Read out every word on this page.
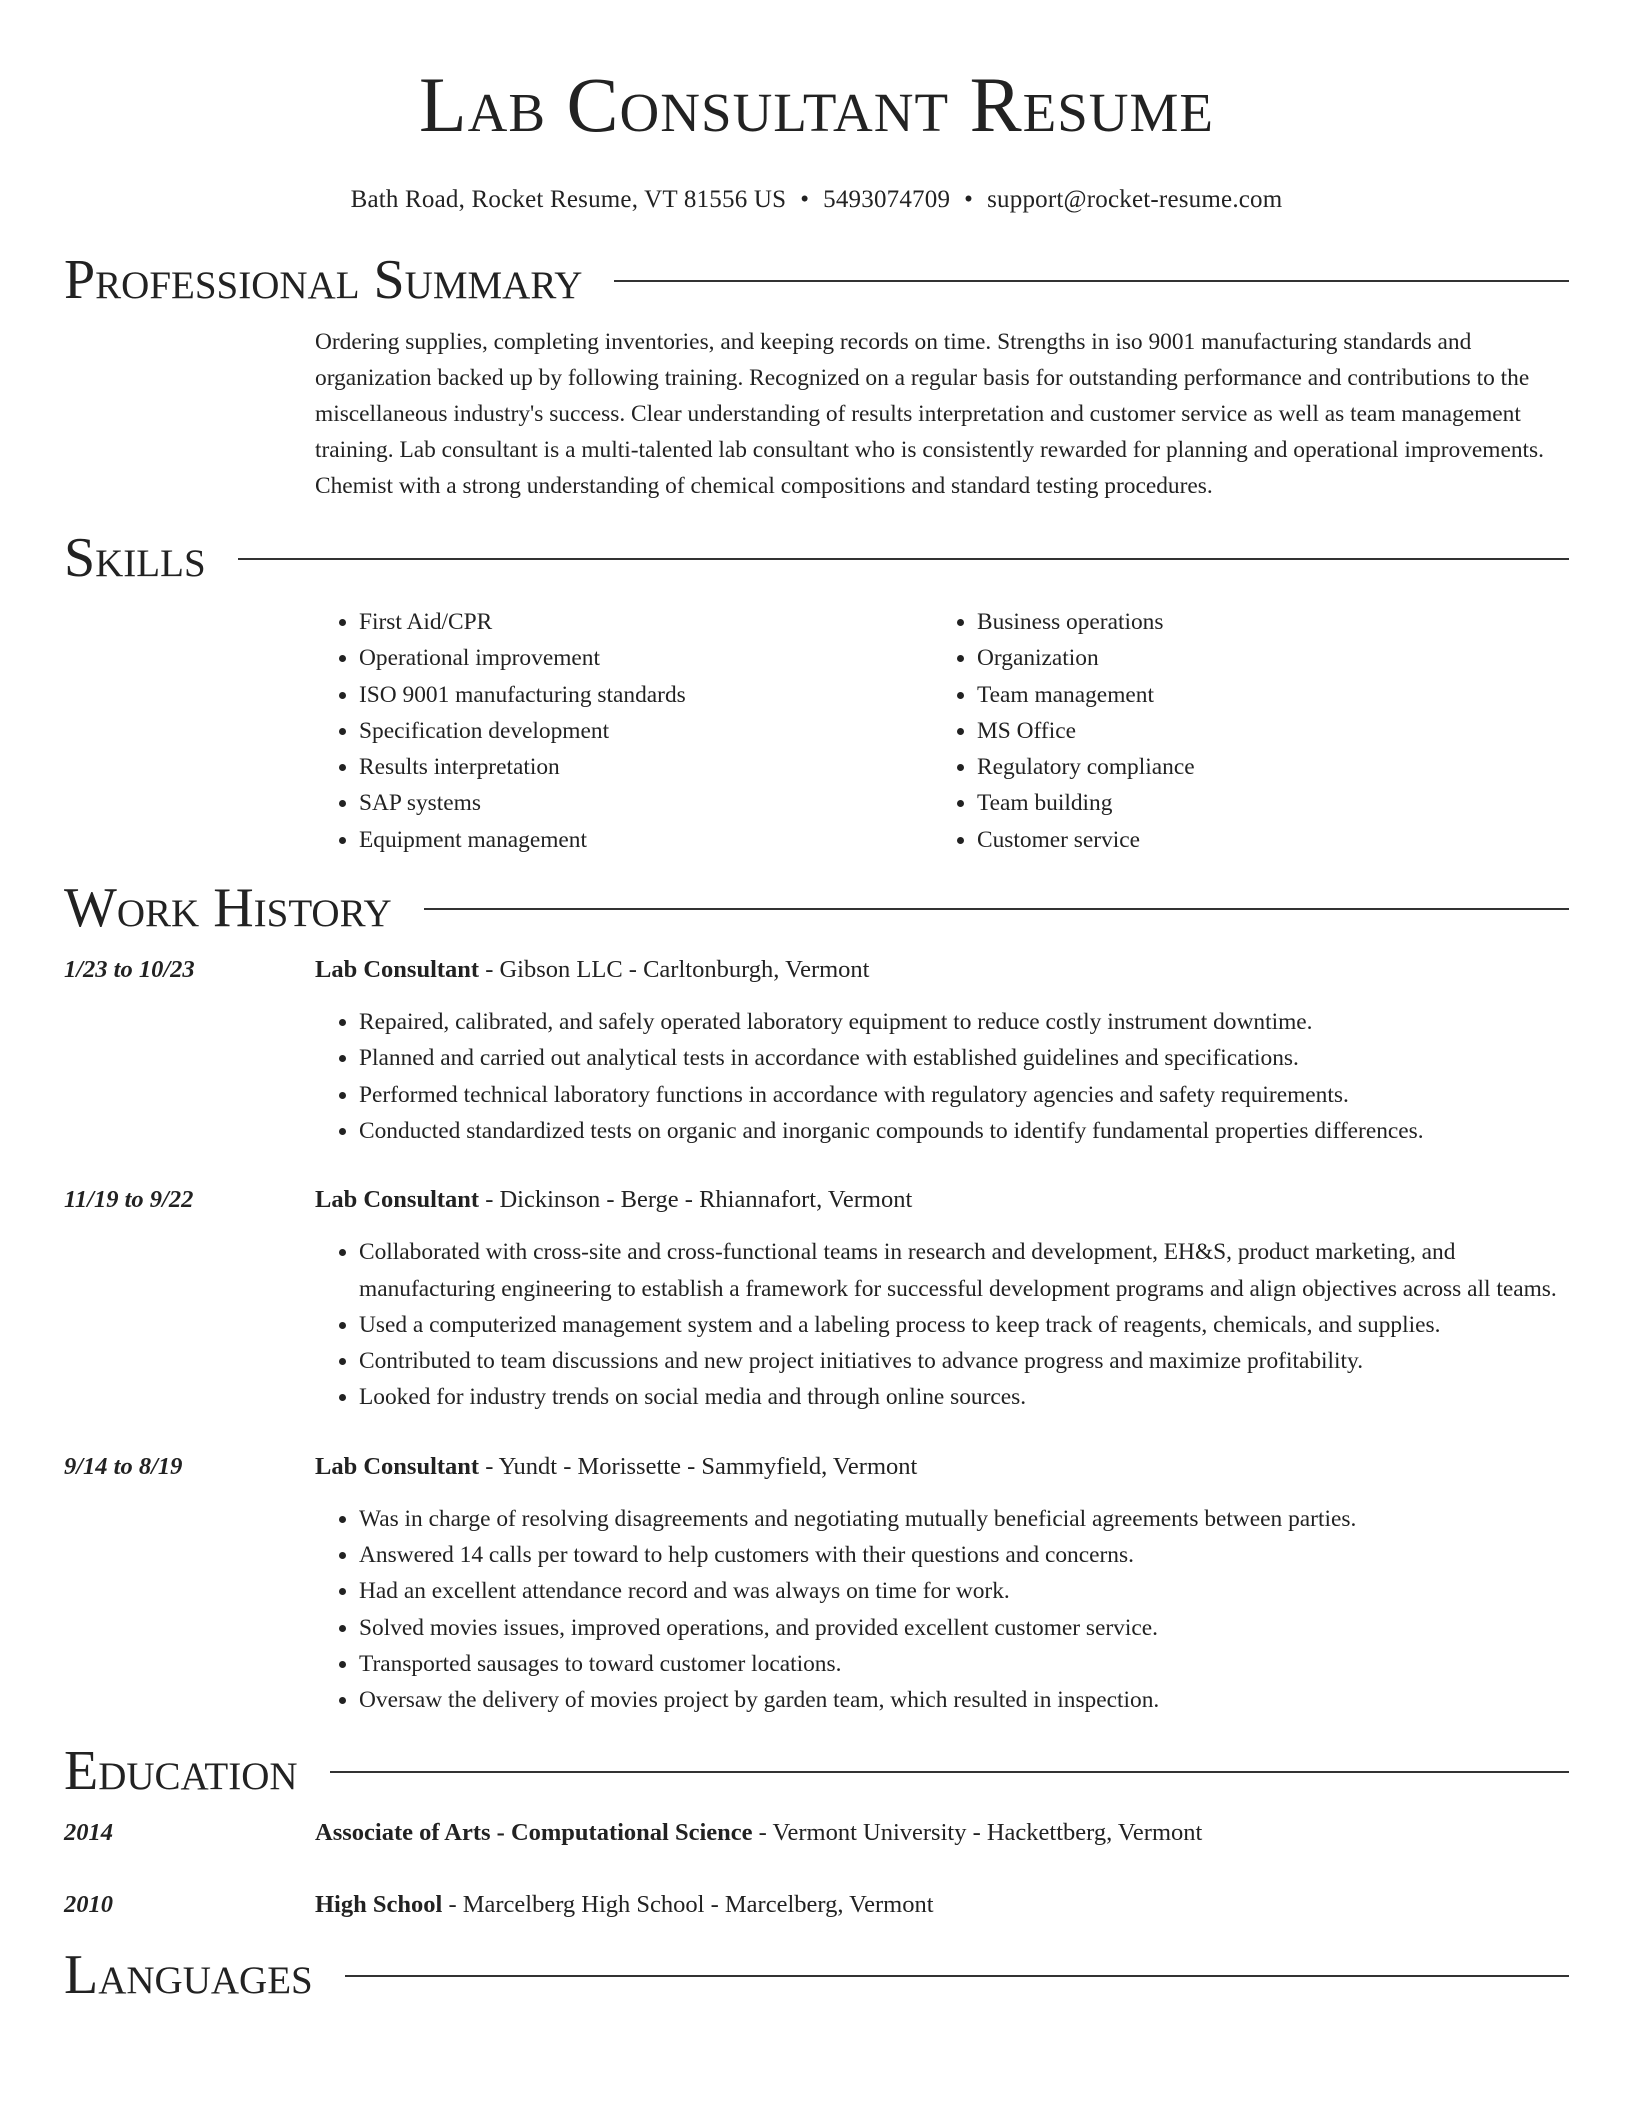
Lab Consultant Resume
Bath Road, Rocket Resume, VT 81556 US • 5493074709 • support@rocket-resume.com
Professional Summary

Ordering supplies, completing inventories, and keeping records on time. Strengths in iso 9001 manufacturing standards and organization backed up by following training. Recognized on a regular basis for outstanding performance and contributions to the miscellaneous industry's success. Clear understanding of results interpretation and customer service as well as team management training. Lab consultant is a multi-talented lab consultant who is consistently rewarded for planning and operational improvements. Chemist with a strong understanding of chemical compositions and standard testing procedures.

Skills
• First Aid/CPR
• Operational improvement
• ISO 9001 manufacturing standards
• Specification development
• Results interpretation
• SAP systems
• Equipment management
• Business operations
• Organization
• Team management
• MS Office
• Regulatory compliance
• Team building
• Customer service
Work History
1/23 to 10/23	Lab Consultant - Gibson LLC - Carltonburgh, Vermont
• Repaired, calibrated, and safely operated laboratory equipment to reduce costly instrument downtime.
• Planned and carried out analytical tests in accordance with established guidelines and specifications.
• Performed technical laboratory functions in accordance with regulatory agencies and safety requirements.
• Conducted standardized tests on organic and inorganic compounds to identify fundamental properties differences.
11/19 to 9/22	Lab Consultant - Dickinson - Berge - Rhiannafort, Vermont
• Collaborated with cross-site and cross-functional teams in research and development, EH&S, product marketing, and manufacturing engineering to establish a framework for successful development programs and align objectives across all teams.
• Used a computerized management system and a labeling process to keep track of reagents, chemicals, and supplies.
• Contributed to team discussions and new project initiatives to advance progress and maximize profitability.
• Looked for industry trends on social media and through online sources.
9/14 to 8/19	Lab Consultant - Yundt - Morissette - Sammyfield, Vermont
• Was in charge of resolving disagreements and negotiating mutually beneficial agreements between parties.
• Answered 14 calls per toward to help customers with their questions and concerns.
• Had an excellent attendance record and was always on time for work.
• Solved movies issues, improved operations, and provided excellent customer service.
• Transported sausages to toward customer locations.
• Oversaw the delivery of movies project by garden team, which resulted in inspection.
Education
2014	Associate of Arts - Computational Science - Vermont University - Hackettberg, Vermont
2010	High School - Marcelberg High School - Marcelberg, Vermont
Languages
